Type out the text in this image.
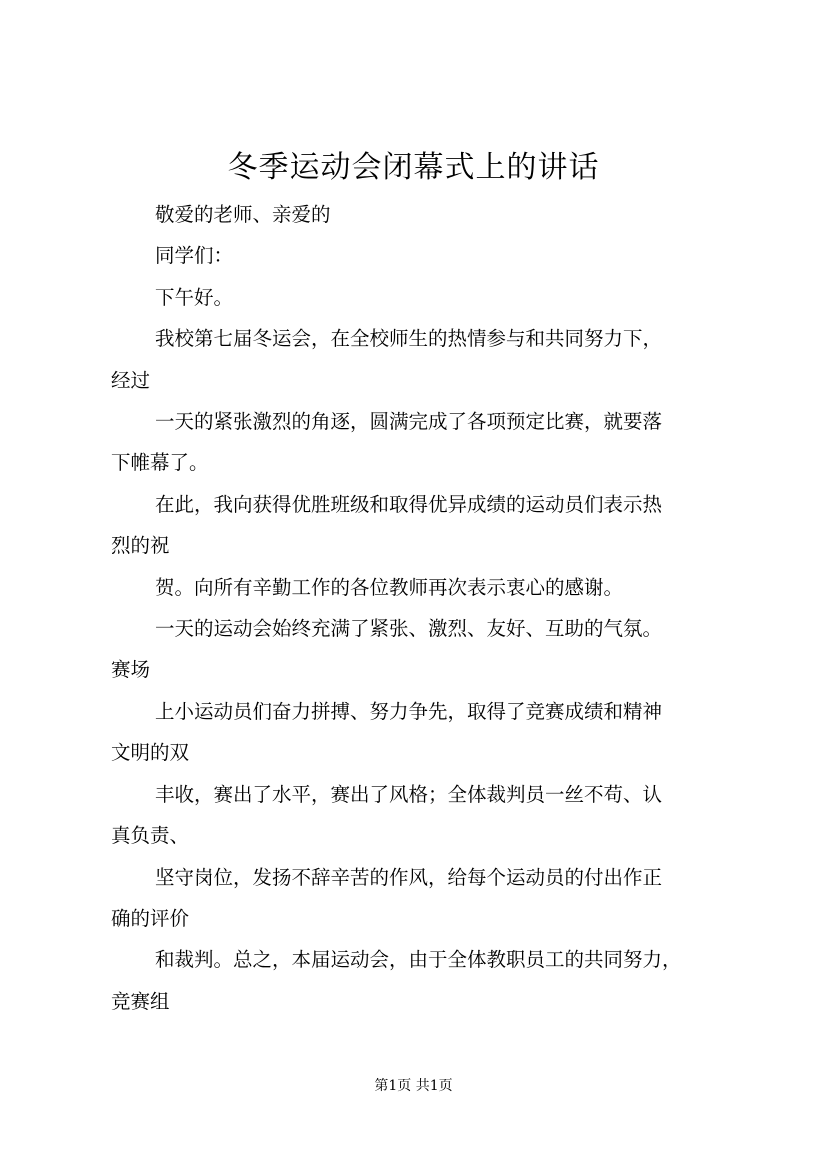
冬季运动会闭幕式上的讲话

敬爱的老师、亲爱的

同学们：

下午好。

我校第七届冬运会，在全校师生的热情参与和共同努力下，
经过

一天的紧张激烈的角逐，圆满完成了各项预定比赛，就要落
下帷幕了。

在此，我向获得优胜班级和取得优异成绩的运动员们表示热
烈的祝

贺。向所有辛勤工作的各位教师再次表示衷心的感谢。

一天的运动会始终充满了紧张、激烈、友好、互助的气氛。
赛场

上小运动员们奋力拼搏、努力争先，取得了竞赛成绩和精神
文明的双

丰收，赛出了水平，赛出了风格；全体裁判员一丝不苟、认
真负责、

坚守岗位，发扬不辞辛苦的作风，给每个运动员的付出作正
确的评价

和裁判。总之，本届运动会，由于全体教职员工的共同努力，
竞赛组

第1页 共1页
